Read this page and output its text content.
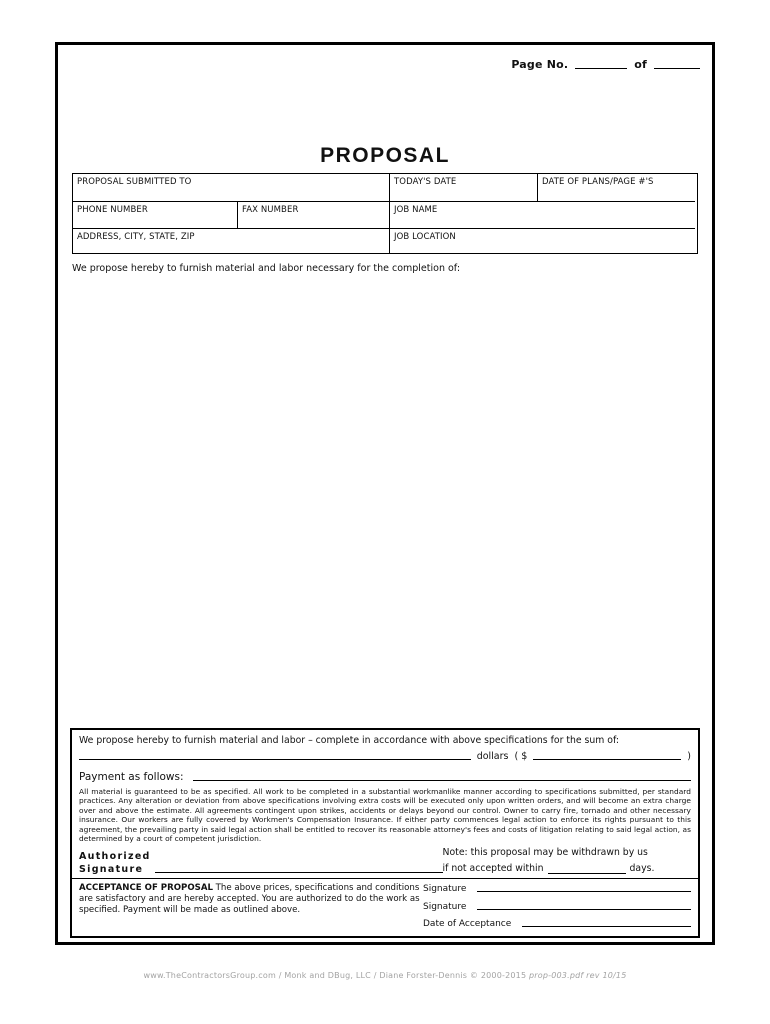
Page No.	of
PROPOSAL
PROPOSAL SUBMITTED TO	TODAY'S DATE	DATE OF PLANS/PAGE #'S
PHONE NUMBER	FAX NUMBER	JOB NAME
ADDRESS, CITY, STATE, ZIP	JOB LOCATION

We propose hereby to furnish material and labor necessary for the completion of:

We propose hereby to furnish material and labor – complete in accordance with above specifications for the sum of:

dollars ( $	)
Payment as follows:

All material is guaranteed to be as specified. All work to be completed in a substantial workmanlike manner according to specifications submitted, per standard practices. Any alteration or deviation from above specifications involving extra costs will be executed only upon written orders, and will become an extra charge over and above the estimate. All agreements contingent upon strikes, accidents or delays beyond our control. Owner to carry fire, tornado and other necessary insurance. Our workers are fully covered by Workmen's Compensation Insurance. If either party commences legal action to enforce its rights pursuant to this agreement, the prevailing party in said legal action shall be entitled to recover its reasonable attorney's fees and costs of litigation relating to said legal action, as determined by a court of competent jurisdiction.

Authorized
Signature
Note: this proposal may be withdrawn by us
if not accepted within	days.

ACCEPTANCE OF PROPOSAL The above prices, specifications and conditions are satisfactory and are hereby accepted. You are authorized to do the work as specified. Payment will be made as outlined above.

Signature
Signature
Date of Acceptance
www.TheContractorsGroup.com / Monk and DBug, LLC / Diane Forster-Dennis © 2000-2015 prop-003.pdf rev 10/15
